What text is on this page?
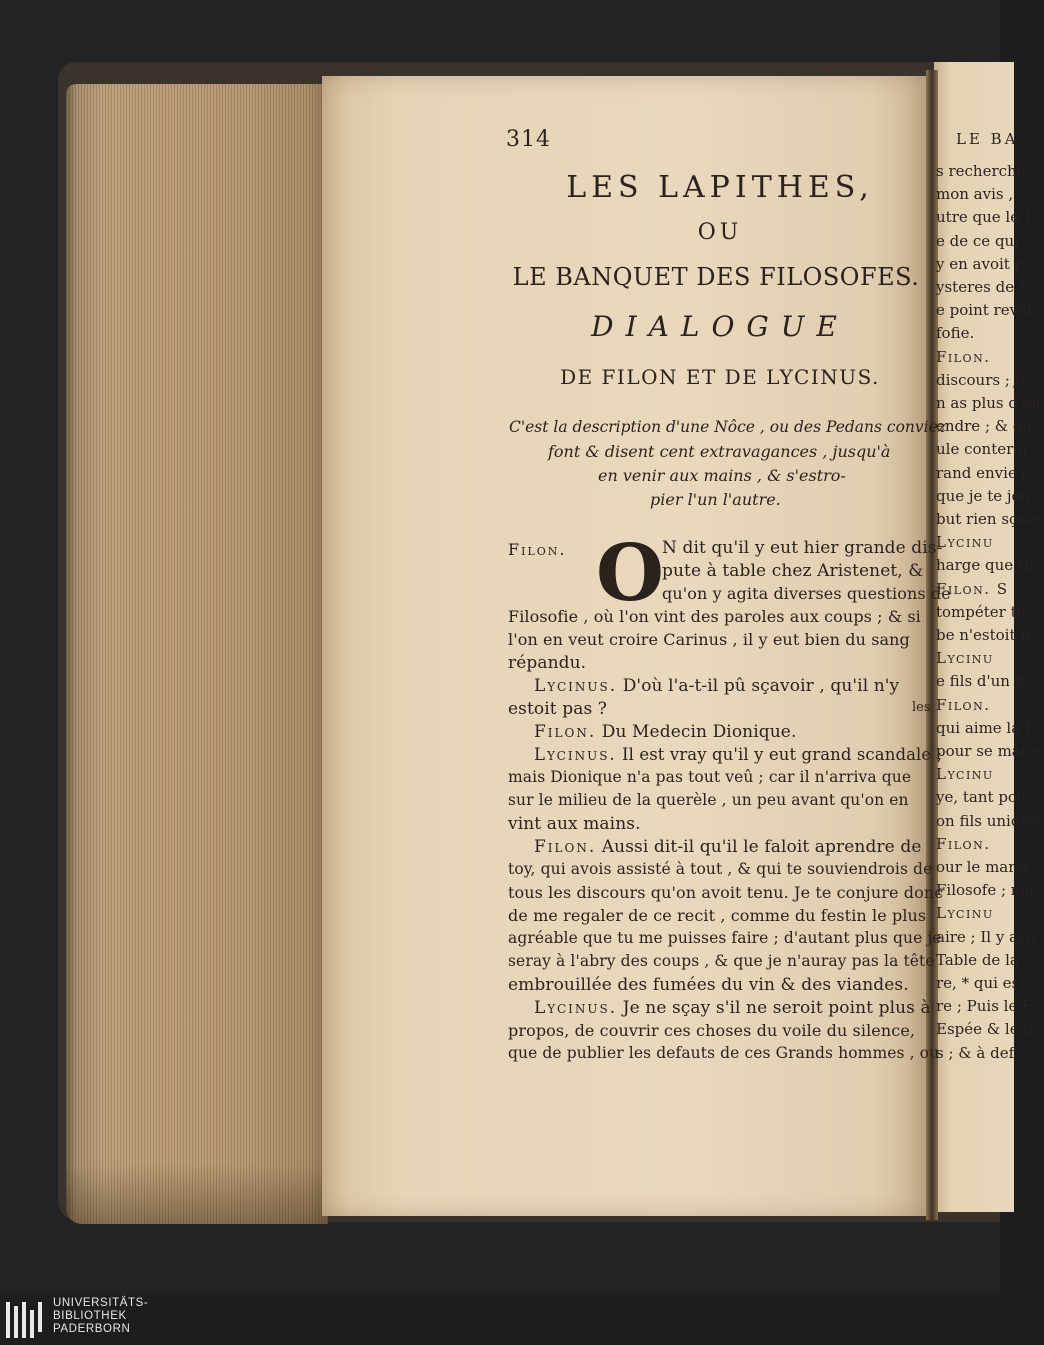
314
LES LAPITHES,
OU
LE BANQUET DES FILOSOFES.
DIALOGUE
DE FILON ET DE LYCINUS.
C'est la description d'une Nôce , ou des Pedans conviez
font & disent cent extravagances , jusqu'à
en venir aux mains , & s'estro-
pier l'un l'autre.
Filon. O
N dit qu'il y eut hier grande dis-
pute à table chez Aristenet, &
qu'on y agita diverses questions de
Filosofie , où l'on vint des paroles aux coups ; & si
l'on en veut croire Carinus , il y eut bien du sang
répandu.
Lycinus. D'où l'a-t-il pû sçavoir , qu'il n'y
estoit pas ?
Filon. Du Medecin Dionique.
Lycinus. Il est vray qu'il y eut grand scandale ;
mais Dionique n'a pas tout veû ; car il n'arriva que
sur le milieu de la querèle , un peu avant qu'on en
vint aux mains.
Filon. Aussi dit-il qu'il le faloit aprendre de
toy, qui avois assisté à tout , & qui te souviendrois de
tous les discours qu'on avoit tenu. Je te conjure donc
de me regaler de ce recit , comme du festin le plus
agréable que tu me puisses faire ; d'autant plus que je
seray à l'abry des coups , & que je n'auray pas la tête
embrouillée des fumées du vin & des viandes.
Lycinus. Je ne sçay s'il ne seroit point plus à
propos, de couvrir ces choses du voile du silence,
que de publier les defauts de ces Grands hommes , ou
les
LE BA
s recherche.
mon avis ,
utre que le I
e de ce qui
y en avoit p
ysteres de I
e point revel
fofie.
Filon.
discours ; Je
n as plus d'en
endre ; & qu
ule conteroi
rand envie c
que je te jou
but rien sçavo
Lycinu
harge que tu
Filon. S
tompéter to
be n'estoit p
Lycinu
e fils d'un B
Filon.
qui aime la Fi
pour se marie
Lycinu
ye, tant pou
on fils unique
Filon.
our le maria
Filosofe ; ma
Lycinu
aire ; Il y avo
Table de la :
re, * qui es
re ; Puis le F
Espée & le p
s ; & à def
UNIVERSITÄTS-
BIBLIOTHEK
PADERBORN
